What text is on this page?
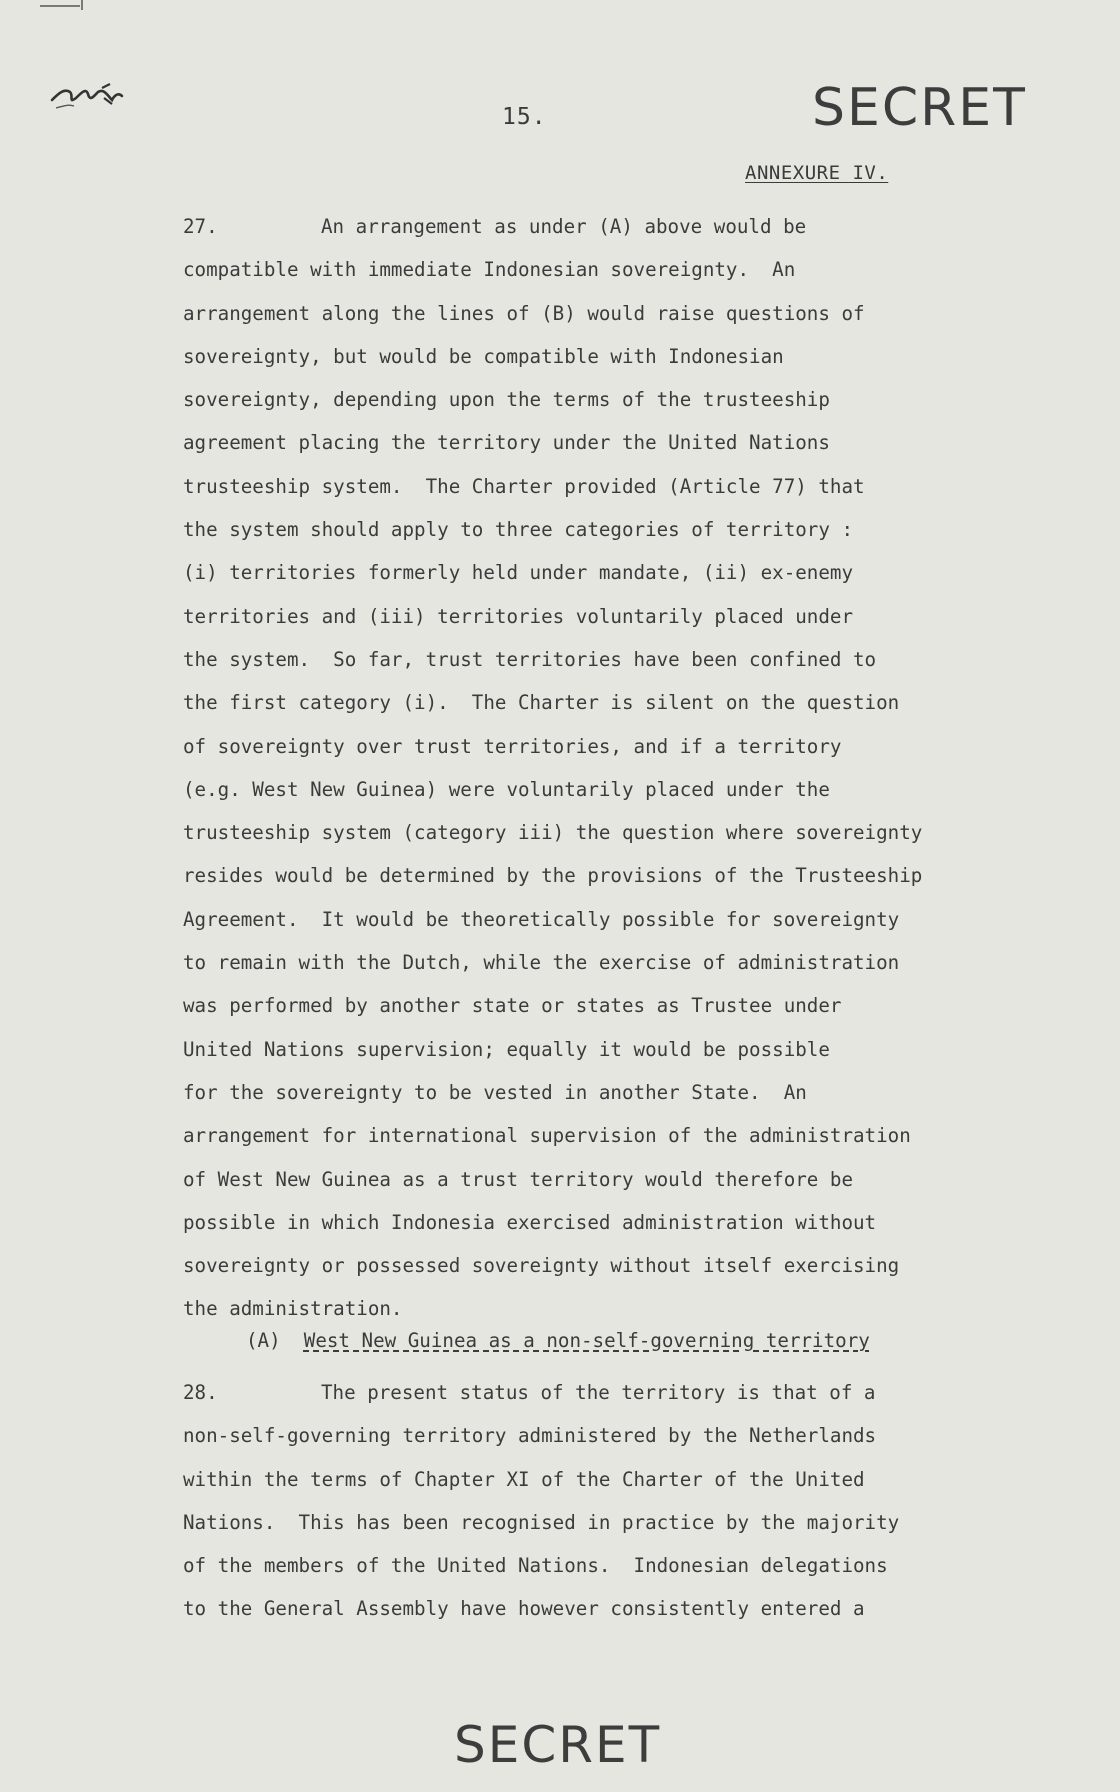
15.	SECRET
ANNEXURE IV.
27.	An arrangement as under (A) above would be
compatible with immediate Indonesian sovereignty.  An
arrangement along the lines of (B) would raise questions of
sovereignty, but would be compatible with Indonesian
sovereignty, depending upon the terms of the trusteeship
agreement placing the territory under the United Nations
trusteeship system.  The Charter provided (Article 77) that
the system should apply to three categories of territory :
(i) territories formerly held under mandate, (ii) ex-enemy
territories and (iii) territories voluntarily placed under
the system.  So far, trust territories have been confined to
the first category (i).  The Charter is silent on the question
of sovereignty over trust territories, and if a territory
(e.g. West New Guinea) were voluntarily placed under the
trusteeship system (category iii) the question where sovereignty
resides would be determined by the provisions of the Trusteeship
Agreement.  It would be theoretically possible for sovereignty
to remain with the Dutch, while the exercise of administration
was performed by another state or states as Trustee under
United Nations supervision; equally it would be possible
for the sovereignty to be vested in another State.  An
arrangement for international supervision of the administration
of West New Guinea as a trust territory would therefore be
possible in which Indonesia exercised administration without
sovereignty or possessed sovereignty without itself exercising
the administration.
(A) West New Guinea as a non-self-governing territory
28.	The present status of the territory is that of a
non-self-governing territory administered by the Netherlands
within the terms of Chapter XI of the Charter of the United
Nations.  This has been recognised in practice by the majority
of the members of the United Nations.  Indonesian delegations
to the General Assembly have however consistently entered a
SECRET
